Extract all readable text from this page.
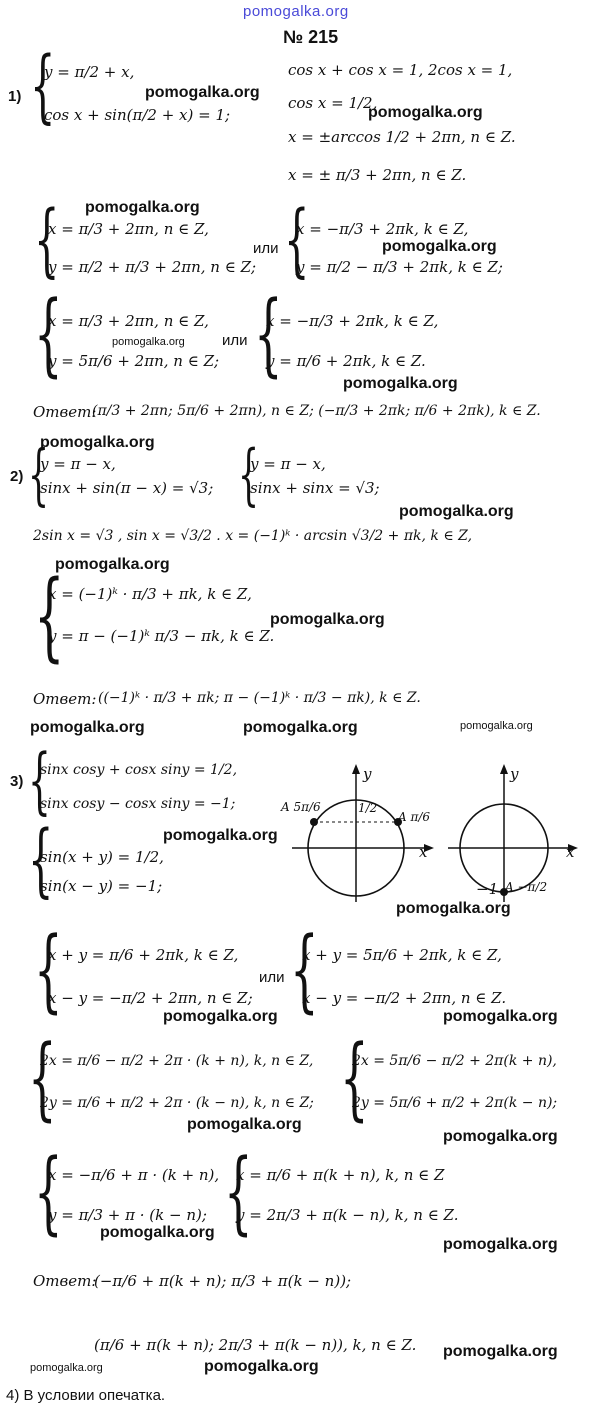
pomogalka.org
№ 215
1) {
y = π/2 + x,
cos x + sin(π/2 + x) = 1;
cos x + cos x = 1, 2cos x = 1,
cos x = 1/2,
x = ±arccos 1/2 + 2πn, n ∈ Z.
x = ± π/3 + 2πn, n ∈ Z.
pomogalka.org
pomogalka.org
pomogalka.org
{
x = π/3 + 2πn, n ∈ Z,
y = π/2 + π/3 + 2πn, n ∈ Z;
или {
x = −π/3 + 2πk, k ∈ Z,
y = π/2 − π/3 + 2πk, k ∈ Z;
pomogalka.org
{
x = π/3 + 2πn, n ∈ Z,
y = 5π/6 + 2πn, n ∈ Z;
pomogalka.org или {
x = −π/3 + 2πk, k ∈ Z,
y = π/6 + 2πk, k ∈ Z.
pomogalka.org
Ответ:
(π/3 + 2πn; 5π/6 + 2πn), n ∈ Z; (−π/3 + 2πk; π/6 + 2πk), k ∈ Z.
pomogalka.org
2) {
y = π − x,
sinx + sin(π − x) = √3; {
y = π − x,
sinx + sinx = √3;
pomogalka.org
2sin x = √3 , sin x = √3/2 . x = (−1)ᵏ · arcsin √3/2 + πk, k ∈ Z,
pomogalka.org
{
x = (−1)ᵏ · π/3 + πk, k ∈ Z,
y = π − (−1)ᵏ π/3 − πk, k ∈ Z.
pomogalka.org
Ответ: ((−1)ᵏ · π/3 + πk; π − (−1)ᵏ · π/3 − πk), k ∈ Z.
pomogalka.org	pomogalka.org	pomogalka.org
3) {
sinx cosy + cosx siny = 1/2,
sinx cosy − cosx siny = −1;
pomogalka.org
{
sin(x + y) = 1/2,
sin(x − y) = −1;
y
x
1/2
A 5π/6
A π/6
y
x
−1 A −π/2
pomogalka.org
{
x + y = π/6 + 2πk, k ∈ Z,
x − y = −π/2 + 2πn, n ∈ Z;
или {
x + y = 5π/6 + 2πk, k ∈ Z,
x − y = −π/2 + 2πn, n ∈ Z.
pomogalka.org	pomogalka.org
{
2x = π/6 − π/2 + 2π · (k + n), k, n ∈ Z,
2y = π/6 + π/2 + 2π · (k − n), k, n ∈ Z; {
2x = 5π/6 − π/2 + 2π(k + n),
2y = 5π/6 + π/2 + 2π(k − n);
pomogalka.org
pomogalka.org
{
x = −π/6 + π · (k + n),
y = π/3 + π · (k − n); {
x = π/6 + π(k + n), k, n ∈ Z
y = 2π/3 + π(k − n), k, n ∈ Z.
pomogalka.org
pomogalka.org
Ответ:
(−π/6 + π(k + n); π/3 + π(k − n));
(π/6 + π(k + n); 2π/3 + π(k − n)), k, n ∈ Z. pomogalka.org
pomogalka.org
pomogalka.org
4) В условии опечатка.
